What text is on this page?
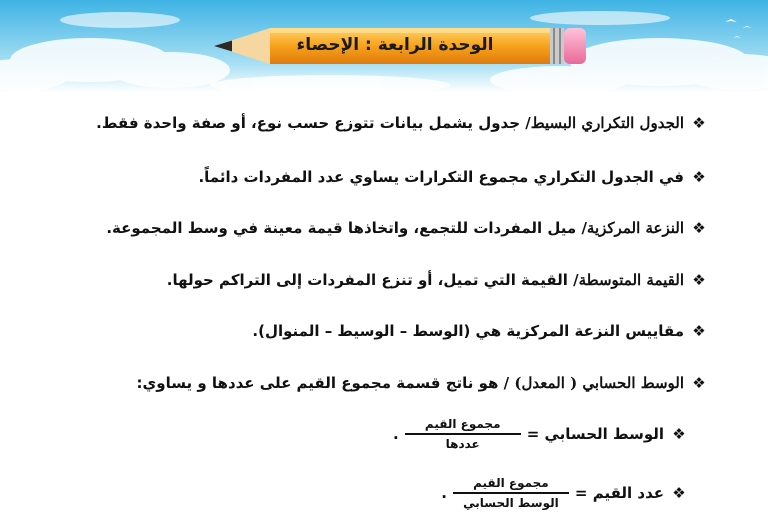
الوحدة الرابعة : الإحصاء
❖الجدول التكراري البسيط/ جدول يشمل بيانات تتوزع حسب نوع، أو صفة واحدة فقط.
❖في الجدول التكراري مجموع التكرارات يساوي عدد المفردات دائماً.
❖النزعة المركزية/ ميل المفردات للتجمع، واتخاذها قيمة معينة في وسط المجموعة.
❖القيمة المتوسطة/ القيمة التي تميل، أو تنزع المفردات إلى التراكم حولها.
❖مقاييس النزعة المركزية هي (الوسط – الوسيط – المنوال).
❖الوسط الحسابي ( المعدل) / هو ناتج قسمة مجموع القيم على عددها و يساوي:
❖
الوسط الحسابي =
$\frac{\text{مجموع القيم}}{\text{عددها}}$
.
❖
عدد القيم =
$\frac{\text{مجموع القيم}}{\text{الوسط الحسابي}}$
.
